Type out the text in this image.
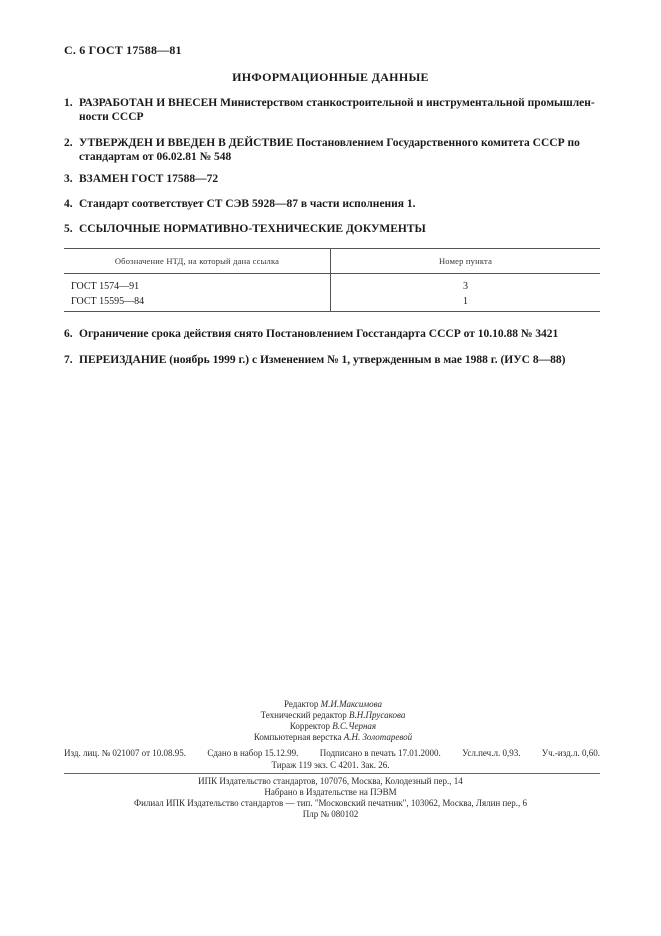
С. 6 ГОСТ 17588—81
ИНФОРМАЦИОННЫЕ ДАННЫЕ
1. РАЗРАБОТАН И ВНЕСЕН Министерством станкостроительной и инструментальной промышлен-
ности СССР
2. УТВЕРЖДЕН И ВВЕДЕН В ДЕЙСТВИЕ Постановлением Государственного комитета СССР по
стандартам от 06.02.81 № 548
3. ВЗАМЕН ГОСТ 17588—72
4. Стандарт соответствует СТ СЭВ 5928—87 в части исполнения 1.
5. ССЫЛОЧНЫЕ НОРМАТИВНО-ТЕХНИЧЕСКИЕ ДОКУМЕНТЫ
Обозначение НТД, на который дана ссылка	Номер пункта
ГОСТ 1574—91	3
ГОСТ 15595—84	1
6. Ограничение срока действия снято Постановлением Госстандарта СССР от 10.10.88 № 3421
7. ПЕРЕИЗДАНИЕ (ноябрь 1999 г.) с Изменением № 1, утвержденным в мае 1988 г. (ИУС 8—88)
Редактор М.И.Максимова
Технический редактор В.Н.Прусакова
Корректор В.С.Черная
Компьютерная верстка А.Н. Золотаревой
Изд. лиц. № 021007 от 10.08.95. Сдано в набор 15.12.99. Подписано в печать 17.01.2000. Усл.печ.л. 0,93. Уч.-изд.л. 0,60.
Тираж 119 экз. С 4201. Зак. 26.
ИПК Издательство стандартов, 107076, Москва, Колодезный пер., 14
Набрано в Издательстве на ПЭВМ
Филиал ИПК Издательство стандартов — тип. "Московский печатник", 103062, Москва, Лялин пер., 6
Плр № 080102
